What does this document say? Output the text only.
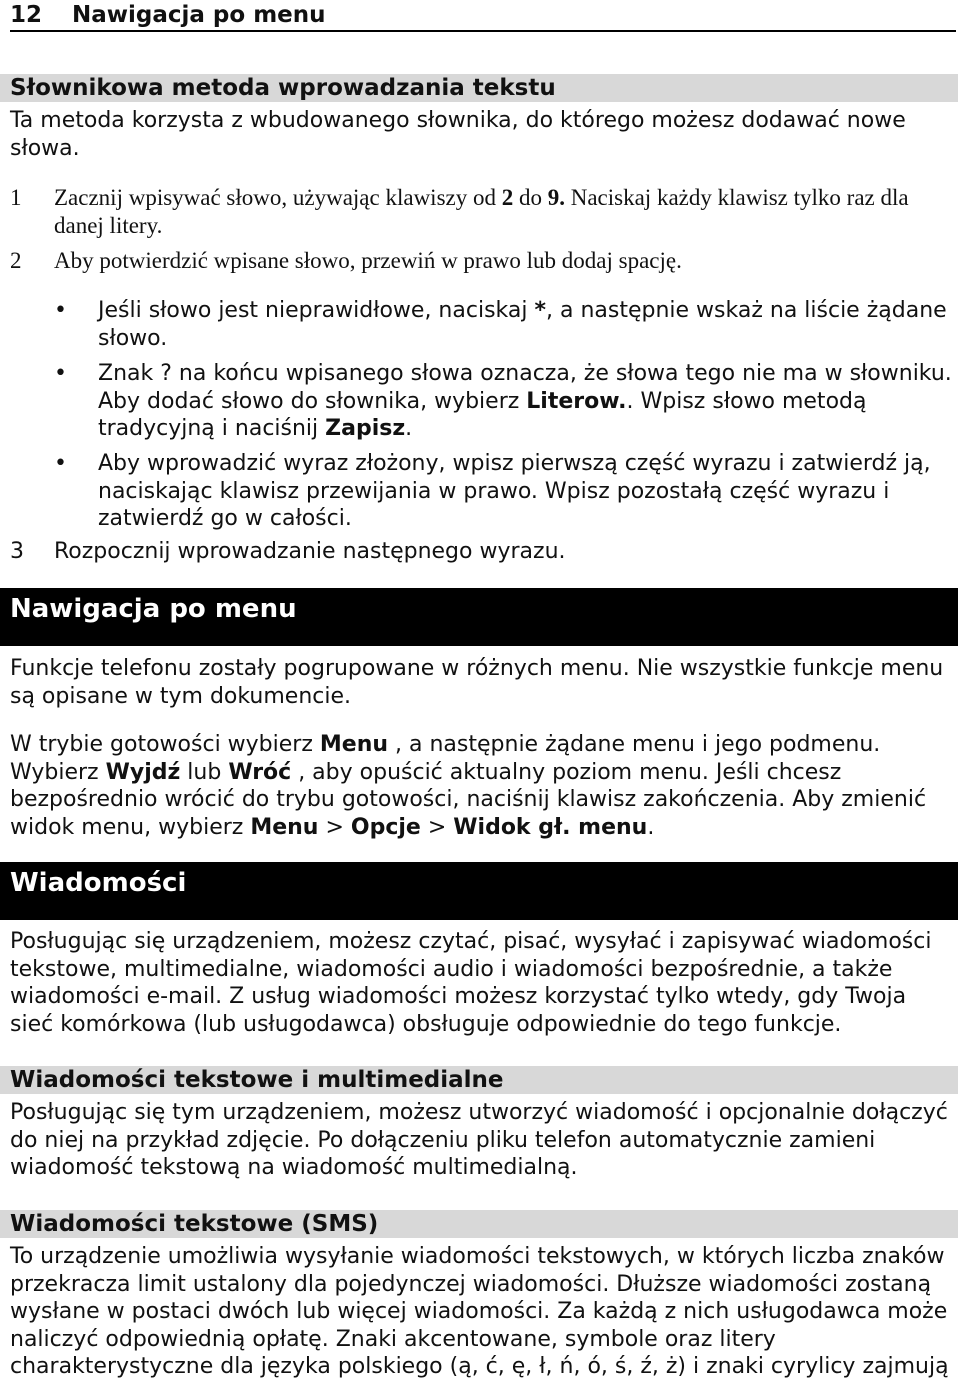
12	Nawigacja po menu
Słownikowa metoda wprowadzania tekstu

Ta metoda korzysta z wbudowanego słownika, do którego możesz dodawać nowe słowa.

1	Zacznij wpisywać słowo, używając klawiszy od 2 do 9. Naciskaj każdy klawisz tylko raz dla danej litery.
2	Aby potwierdzić wpisane słowo, przewiń w prawo lub dodaj spację.
•	Jeśli słowo jest nieprawidłowe, naciskaj *, a następnie wskaż na liście żądane słowo.
•	Znak ? na końcu wpisanego słowa oznacza, że słowa tego nie ma w słowniku. Aby dodać słowo do słownika, wybierz Literow.. Wpisz słowo metodą tradycyjną i naciśnij Zapisz.
•	Aby wprowadzić wyraz złożony, wpisz pierwszą część wyrazu i zatwierdź ją, naciskając klawisz przewijania w prawo. Wpisz pozostałą część wyrazu i zatwierdź go w całości.
3	Rozpocznij wprowadzanie następnego wyrazu.
Nawigacja po menu

Funkcje telefonu zostały pogrupowane w różnych menu. Nie wszystkie funkcje menu są opisane w tym dokumencie.

W trybie gotowości wybierz Menu , a następnie żądane menu i jego podmenu. Wybierz Wyjdź lub Wróć , aby opuścić aktualny poziom menu. Jeśli chcesz bezpośrednio wrócić do trybu gotowości, naciśnij klawisz zakończenia. Aby zmienić widok menu, wybierz Menu > Opcje > Widok gł. menu.

Wiadomości

Posługując się urządzeniem, możesz czytać, pisać, wysyłać i zapisywać wiadomości tekstowe, multimedialne, wiadomości audio i wiadomości bezpośrednie, a także wiadomości e-mail. Z usług wiadomości możesz korzystać tylko wtedy, gdy Twoja sieć komórkowa (lub usługodawca) obsługuje odpowiednie do tego funkcje.

Wiadomości tekstowe i multimedialne

Posługując się tym urządzeniem, możesz utworzyć wiadomość i opcjonalnie dołączyć do niej na przykład zdjęcie. Po dołączeniu pliku telefon automatycznie zamieni wiadomość tekstową na wiadomość multimedialną.

Wiadomości tekstowe (SMS)

To urządzenie umożliwia wysyłanie wiadomości tekstowych, w których liczba znaków przekracza limit ustalony dla pojedynczej wiadomości. Dłuższe wiadomości zostaną wysłane w postaci dwóch lub więcej wiadomości. Za każdą z nich usługodawca może naliczyć odpowiednią opłatę. Znaki akcentowane, symbole oraz litery charakterystyczne dla języka polskiego (ą, ć, ę, ł, ń, ó, ś, ź, ż) i znaki cyrylicy zajmują
